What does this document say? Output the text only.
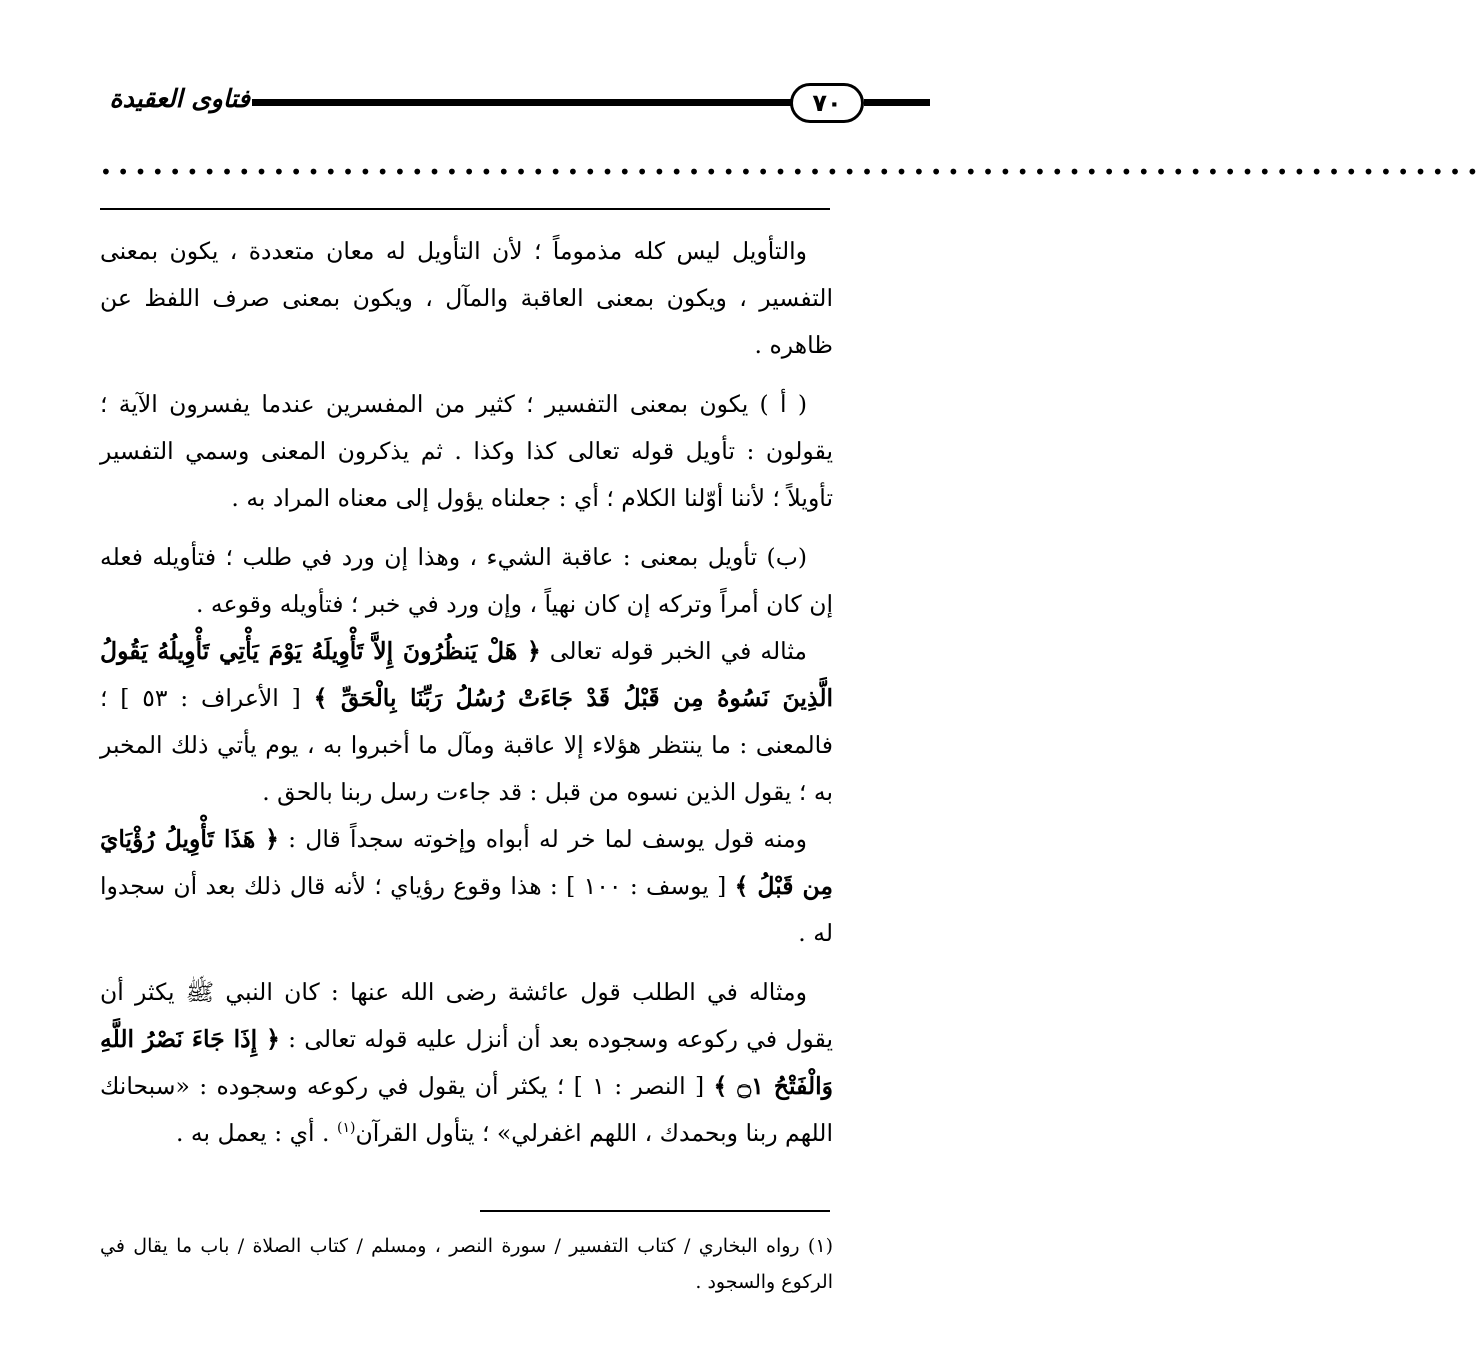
فتاوى العقيدة	٧٠
••••••••••••••••••••••••••••••••••••••••••••••••••••••••••••••••••••••••••••••••

والتأويل ليس كله مذموماً ؛ لأن التأويل له معان متعددة ، يكون بمعنى التفسير ، ويكون بمعنى العاقبة والمآل ، ويكون بمعنى صرف اللفظ عن ظاهره .

( أ ) يكون بمعنى التفسير ؛ كثير من المفسرين عندما يفسرون الآية ؛ يقولون : تأويل قوله تعالى كذا وكذا . ثم يذكرون المعنى وسمي التفسير تأويلاً ؛ لأننا أوّلنا الكلام ؛ أي : جعلناه يؤول إلى معناه المراد به .

(ب) تأويل بمعنى : عاقبة الشيء ، وهذا إن ورد في طلب ؛ فتأويله فعله إن كان أمراً وتركه إن كان نهياً ، وإن ورد في خبر ؛ فتأويله وقوعه .

مثاله في الخبر قوله تعالى ﴿ هَلْ يَنظُرُونَ إِلاَّ تَأْوِيلَهُ يَوْمَ يَأْتِي تَأْوِيلُهُ يَقُولُ الَّذِينَ نَسُوهُ مِن قَبْلُ قَدْ جَاءَتْ رُسُلُ رَبِّنَا بِالْحَقِّ ﴾ [ الأعراف : ٥٣ ] ؛ فالمعنى : ما ينتظر هؤلاء إلا عاقبة ومآل ما أخبروا به ، يوم يأتي ذلك المخبر به ؛ يقول الذين نسوه من قبل : قد جاءت رسل ربنا بالحق .

ومنه قول يوسف لما خر له أبواه وإخوته سجداً قال : ﴿ هَذَا تَأْوِيلُ رُؤْيَايَ مِن قَبْلُ ﴾ [ يوسف : ١٠٠ ] : هذا وقوع رؤياي ؛ لأنه قال ذلك بعد أن سجدوا له .

ومثاله في الطلب قول عائشة رضى الله عنها : كان النبي ﷺ يكثر أن يقول في ركوعه وسجوده بعد أن أنزل عليه قوله تعالى : ﴿ إِذَا جَاءَ نَصْرُ اللَّهِ وَالْفَتْحُ ۝١ ﴾ [ النصر : ١ ] ؛ يكثر أن يقول في ركوعه وسجوده : «سبحانك اللهم ربنا وبحمدك ، اللهم اغفرلي» ؛ يتأول القرآن$^{(١)}$ . أي : يعمل به .

(١) رواه البخاري / كتاب التفسير / سورة النصر ، ومسلم / كتاب الصلاة / باب ما يقال في الركوع والسجود .
